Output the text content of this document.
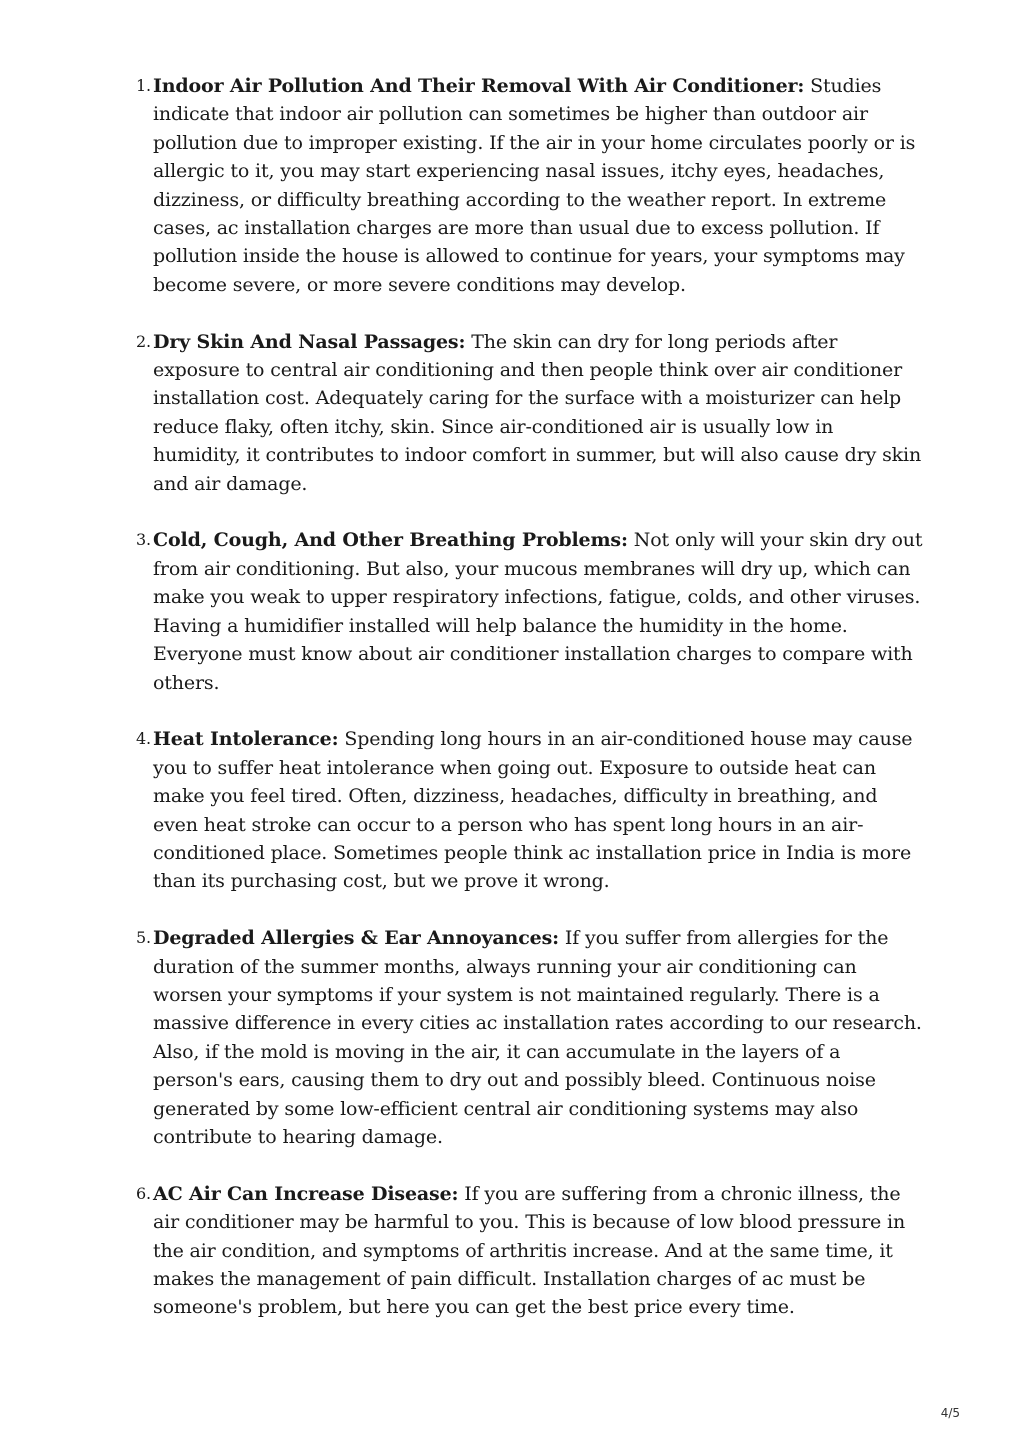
1. Indoor Air Pollution And Their Removal With Air Conditioner: Studies indicate that indoor air pollution can sometimes be higher than outdoor air pollution due to improper existing. If the air in your home circulates poorly or is allergic to it, you may start experiencing nasal issues, itchy eyes, headaches, dizziness, or difficulty breathing according to the weather report. In extreme cases, ac installation charges are more than usual due to excess pollution. If pollution inside the house is allowed to continue for years, your symptoms may become severe, or more severe conditions may develop.
2. Dry Skin And Nasal Passages: The skin can dry for long periods after exposure to central air conditioning and then people think over air conditioner installation cost. Adequately caring for the surface with a moisturizer can help reduce flaky, often itchy, skin. Since air-conditioned air is usually low in humidity, it contributes to indoor comfort in summer, but will also cause dry skin and air damage.
3. Cold, Cough, And Other Breathing Problems: Not only will your skin dry out from air conditioning. But also, your mucous membranes will dry up, which can make you weak to upper respiratory infections, fatigue, colds, and other viruses. Having a humidifier installed will help balance the humidity in the home. Everyone must know about air conditioner installation charges to compare with others.
4. Heat Intolerance: Spending long hours in an air-conditioned house may cause you to suffer heat intolerance when going out. Exposure to outside heat can make you feel tired. Often, dizziness, headaches, difficulty in breathing, and even heat stroke can occur to a person who has spent long hours in an air-conditioned place. Sometimes people think ac installation price in India is more than its purchasing cost, but we prove it wrong.
5. Degraded Allergies & Ear Annoyances: If you suffer from allergies for the duration of the summer months, always running your air conditioning can worsen your symptoms if your system is not maintained regularly. There is a massive difference in every cities ac installation rates according to our research. Also, if the mold is moving in the air, it can accumulate in the layers of a person's ears, causing them to dry out and possibly bleed. Continuous noise generated by some low-efficient central air conditioning systems may also contribute to hearing damage.
6. AC Air Can Increase Disease: If you are suffering from a chronic illness, the air conditioner may be harmful to you. This is because of low blood pressure in the air condition, and symptoms of arthritis increase. And at the same time, it makes the management of pain difficult. Installation charges of ac must be someone's problem, but here you can get the best price every time.
4/5
